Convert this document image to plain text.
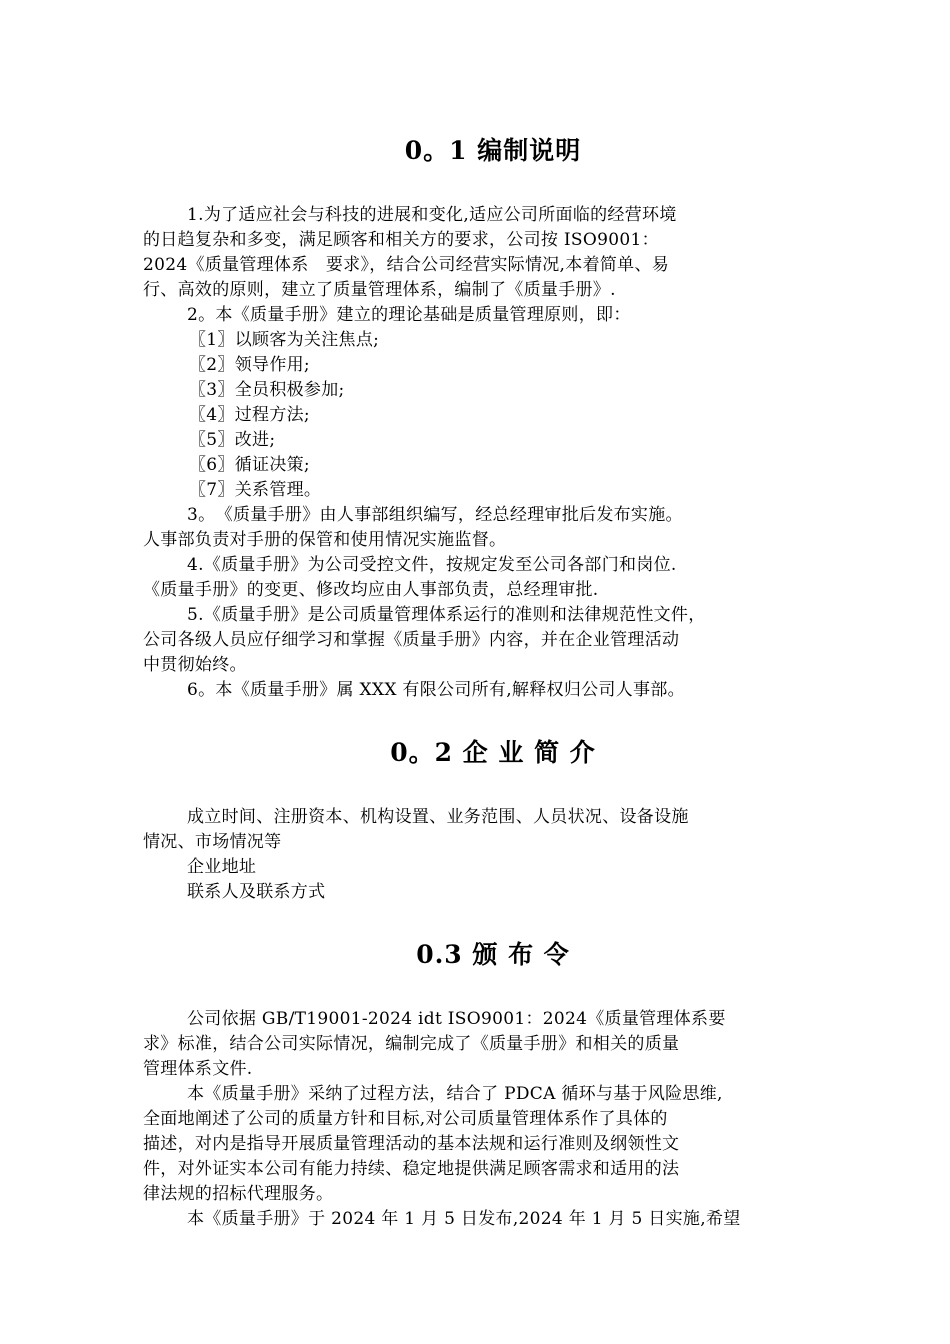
0。1 编制说明
1.为了适应社会与科技的进展和变化,适应公司所面临的经营环境
的日趋复杂和多变，满足顾客和相关方的要求，公司按 ISO9001：
2024《质量管理体系　要求》，结合公司经营实际情况,本着简单、易
行、高效的原则，建立了质量管理体系，编制了《质量手册》.
2。本《质量手册》建立的理论基础是质量管理原则，即：
〖1〗以顾客为关注焦点;
〖2〗领导作用;
〖3〗全员积极参加;
〖4〗过程方法;
〖5〗改进;
〖6〗循证决策;
〖7〗关系管理。
3。　《质量手册》由人事部组织编写，经总经理审批后发布实施。
人事部负责对手册的保管和使用情况实施监督。
4.《质量手册》为公司受控文件，按规定发至公司各部门和岗位.
《质量手册》的变更、修改均应由人事部负责，总经理审批.
5.《质量手册》是公司质量管理体系运行的准则和法律规范性文件，
公司各级人员应仔细学习和掌握《质量手册》内容，并在企业管理活动
中贯彻始终。
6。本《质量手册》属 XXX 有限公司所有,解释权归公司人事部。
0。2 企 业 简 介
成立时间、注册资本、机构设置、业务范围、人员状况、设备设施
情况、市场情况等
企业地址
联系人及联系方式
0.3 颁 布 令
公司依据 GB/T19001-2024 idt ISO9001：2024《质量管理体系要
求》标准，结合公司实际情况，编制完成了《质量手册》和相关的质量
管理体系文件.
本《质量手册》采纳了过程方法，结合了 PDCA 循环与基于风险思维,
全面地阐述了公司的质量方针和目标,对公司质量管理体系作了具体的
描述，对内是指导开展质量管理活动的基本法规和运行准则及纲领性文
件，对外证实本公司有能力持续、稳定地提供满足顾客需求和适用的法
律法规的招标代理服务。
本《质量手册》于 2024 年 1 月 5 日发布,2024 年 1 月 5 日实施,希望
